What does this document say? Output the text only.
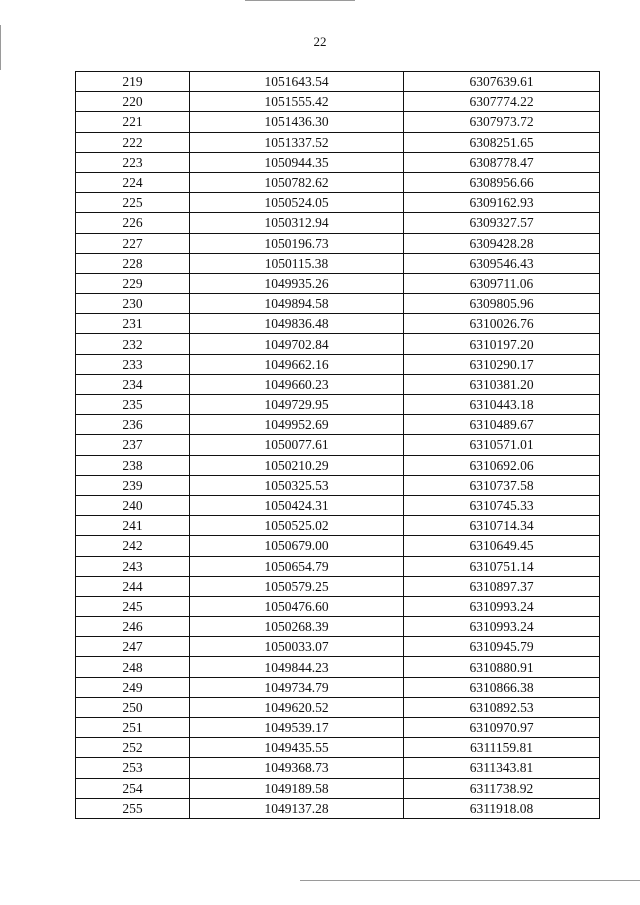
22
219	1051643.54	6307639.61
220	1051555.42	6307774.22
221	1051436.30	6307973.72
222	1051337.52	6308251.65
223	1050944.35	6308778.47
224	1050782.62	6308956.66
225	1050524.05	6309162.93
226	1050312.94	6309327.57
227	1050196.73	6309428.28
228	1050115.38	6309546.43
229	1049935.26	6309711.06
230	1049894.58	6309805.96
231	1049836.48	6310026.76
232	1049702.84	6310197.20
233	1049662.16	6310290.17
234	1049660.23	6310381.20
235	1049729.95	6310443.18
236	1049952.69	6310489.67
237	1050077.61	6310571.01
238	1050210.29	6310692.06
239	1050325.53	6310737.58
240	1050424.31	6310745.33
241	1050525.02	6310714.34
242	1050679.00	6310649.45
243	1050654.79	6310751.14
244	1050579.25	6310897.37
245	1050476.60	6310993.24
246	1050268.39	6310993.24
247	1050033.07	6310945.79
248	1049844.23	6310880.91
249	1049734.79	6310866.38
250	1049620.52	6310892.53
251	1049539.17	6310970.97
252	1049435.55	6311159.81
253	1049368.73	6311343.81
254	1049189.58	6311738.92
255	1049137.28	6311918.08
